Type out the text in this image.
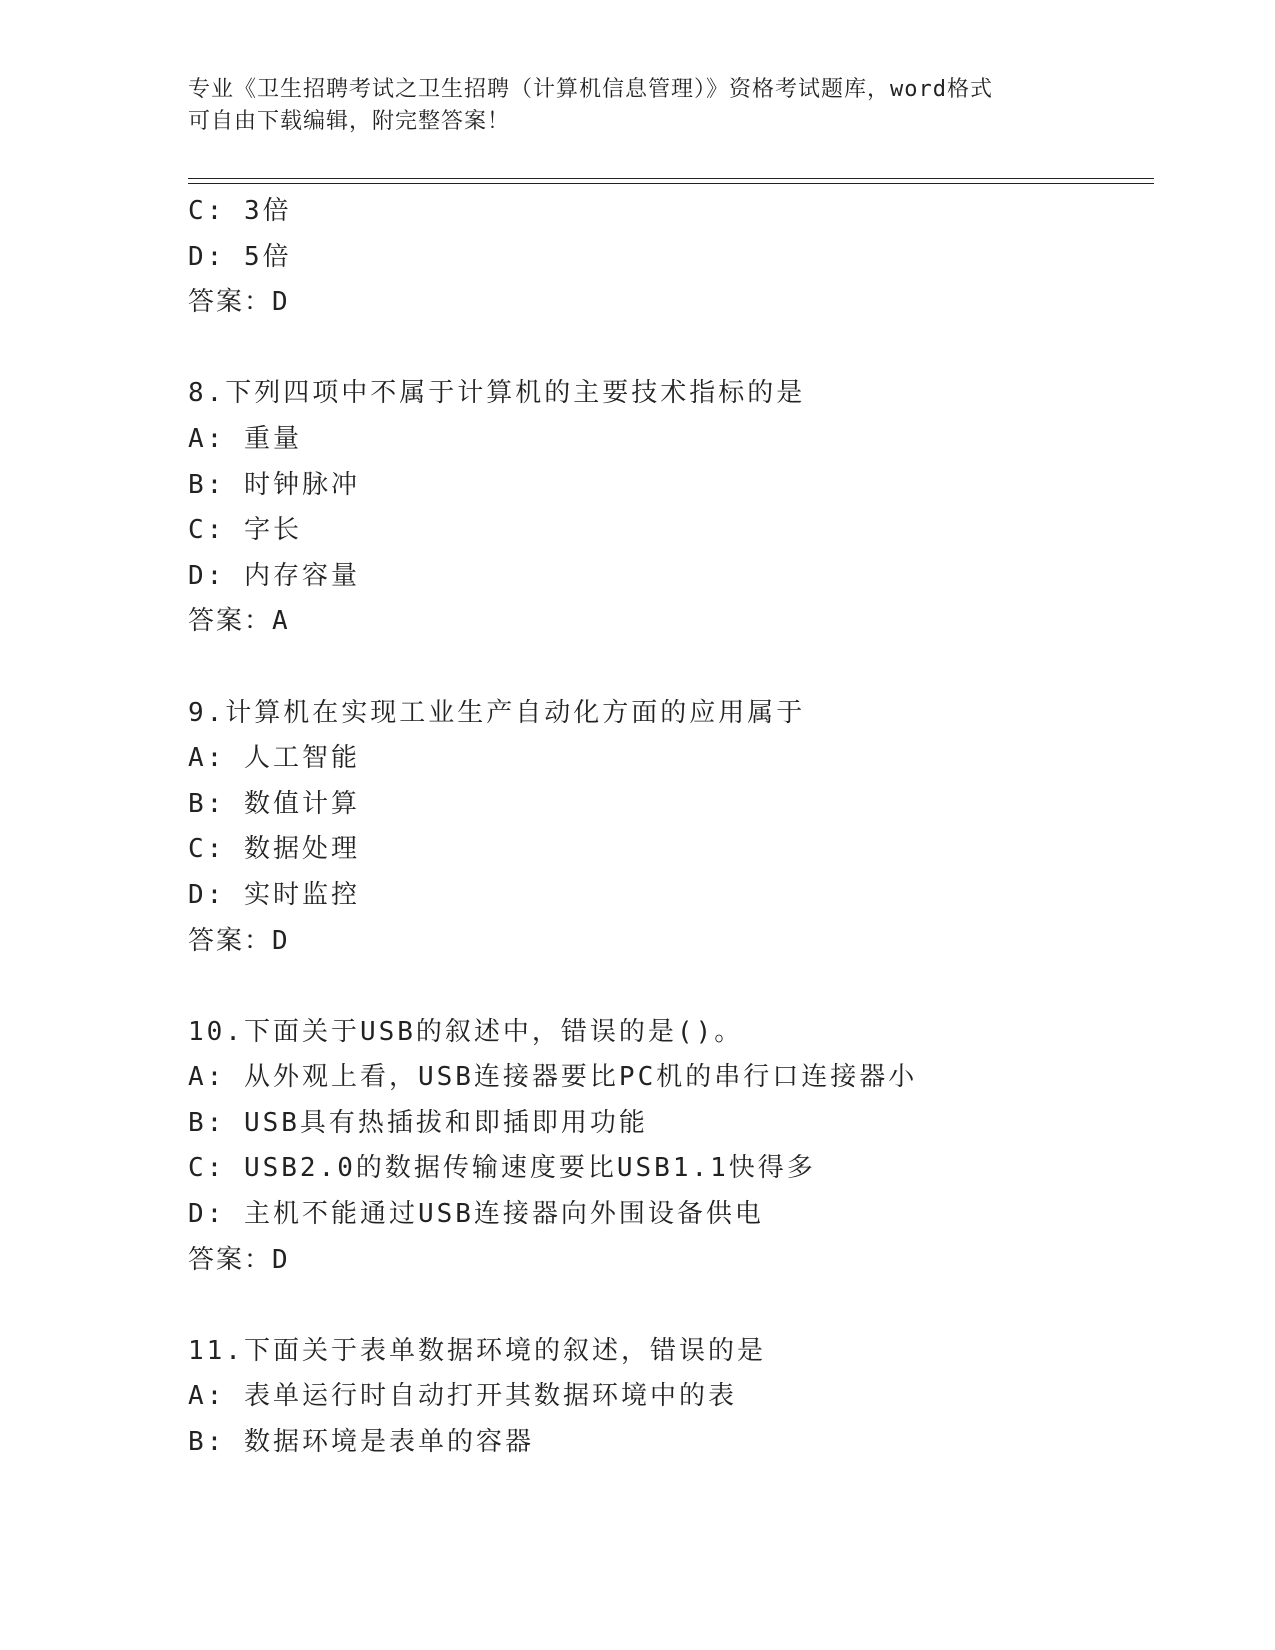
专业《卫生招聘考试之卫生招聘（计算机信息管理）》资格考试题库，word格式
可自由下载编辑，附完整答案！
C: 3倍
D: 5倍
答案：D
8.下列四项中不属于计算机的主要技术指标的是
A: 重量
B: 时钟脉冲
C: 字长
D: 内存容量
答案：A
9.计算机在实现工业生产自动化方面的应用属于
A: 人工智能
B: 数值计算
C: 数据处理
D: 实时监控
答案：D
10.下面关于USB的叙述中，错误的是()。
A: 从外观上看，USB连接器要比PC机的串行口连接器小
B: USB具有热插拔和即插即用功能
C: USB2.0的数据传输速度要比USB1.1快得多
D: 主机不能通过USB连接器向外围设备供电
答案：D
11.下面关于表单数据环境的叙述，错误的是
A: 表单运行时自动打开其数据环境中的表
B: 数据环境是表单的容器
